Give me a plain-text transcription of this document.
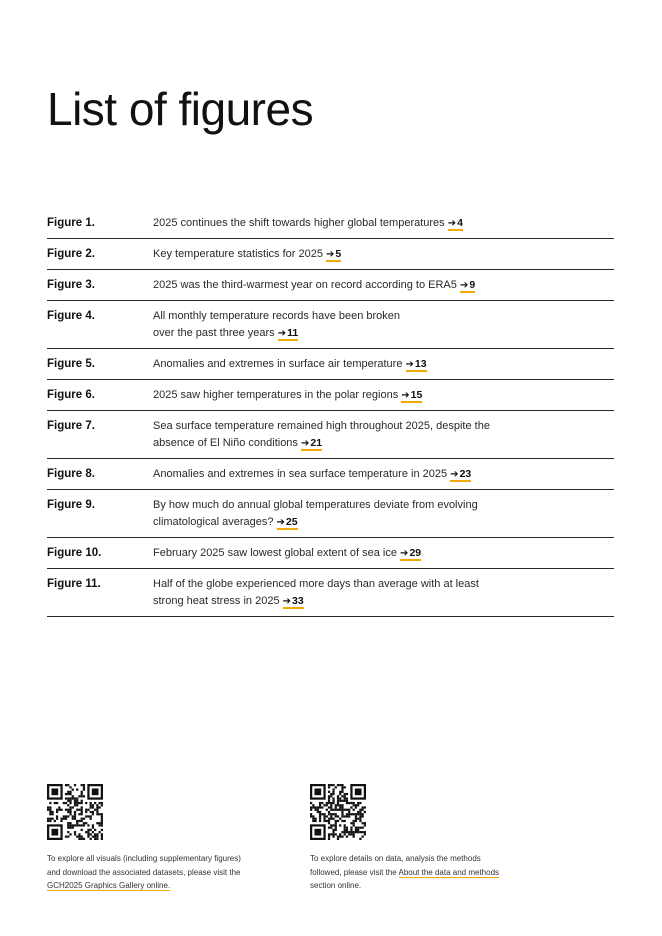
List of figures
Figure 1.	2025 continues the shift towards higher global temperatures ➔4
Figure 2.	Key temperature statistics for 2025 ➔5
Figure 3.	2025 was the third-warmest year on record according to ERA5 ➔9
Figure 4.	All monthly temperature records have been broken
over the past three years ➔11
Figure 5.	Anomalies and extremes in surface air temperature ➔13
Figure 6.	2025 saw higher temperatures in the polar regions ➔15
Figure 7.	Sea surface temperature remained high throughout 2025, despite the
absence of El Niño conditions ➔21
Figure 8.	Anomalies and extremes in sea surface temperature in 2025 ➔23
Figure 9.	By how much do annual global temperatures deviate from evolving
climatological averages? ➔25
Figure 10.	February 2025 saw lowest global extent of sea ice ➔29
Figure 11.	Half of the globe experienced more days than average with at least
strong heat stress in 2025 ➔33
To explore all visuals (including supplementary figures)
and download the associated datasets, please visit the
GCH2025 Graphics Gallery online.
To explore details on data, analysis the methods
followed, please visit the About the data and methods
section online.
